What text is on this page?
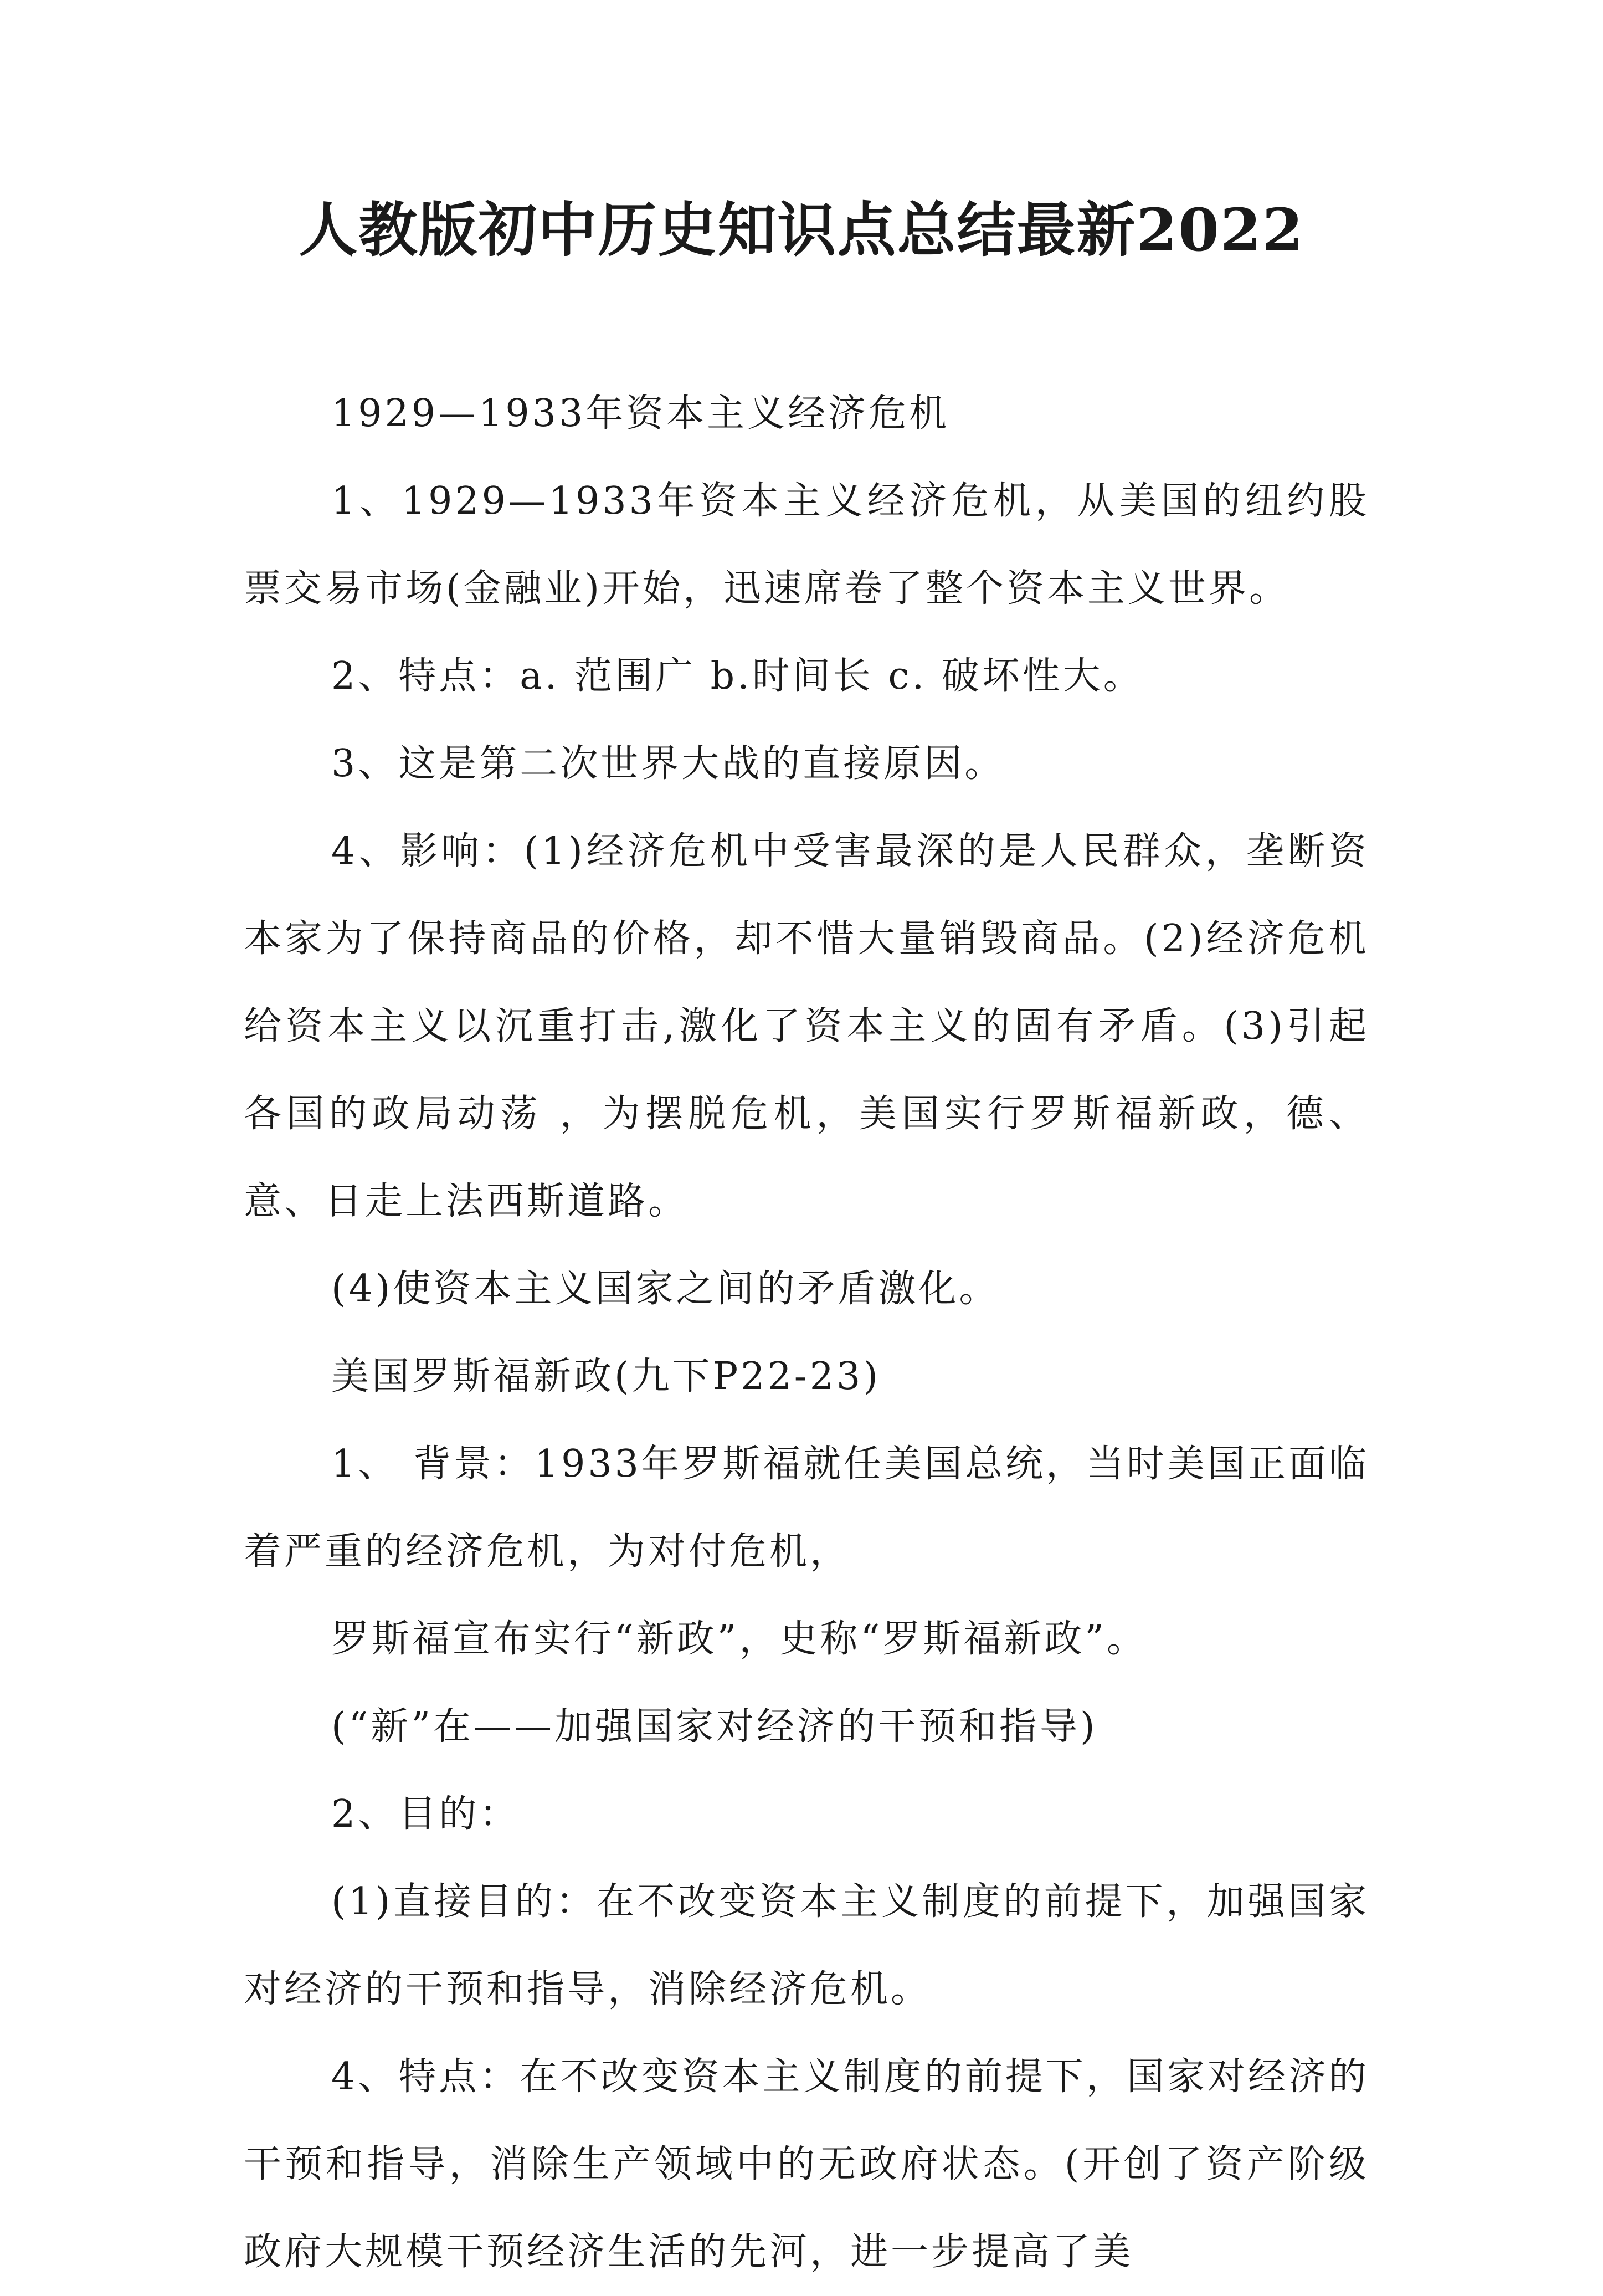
人教版初中历史知识点总结最新2022

1929—1933年资本主义经济危机

1、1929—1933年资本主义经济危机，从美国的纽约股票交易市场(金融业)开始，迅速席卷了整个资本主义世界。

2、特点：a. 范围广 b.时间长 c. 破坏性大。

3、这是第二次世界大战的直接原因。

4、影响：(1)经济危机中受害最深的是人民群众，垄断资本家为了保持商品的价格，却不惜大量销毁商品。(2)经济危机给资本主义以沉重打击,激化了资本主义的固有矛盾。(3)引起各国的政局动荡 ，为摆脱危机，美国实行罗斯福新政，德、意、日走上法西斯道路。

(4)使资本主义国家之间的矛盾激化。

美国罗斯福新政(九下P22-23)

1、 背景：1933年罗斯福就任美国总统，当时美国正面临着严重的经济危机，为对付危机，

罗斯福宣布实行“新政”，史称“罗斯福新政”。

(“新”在——加强国家对经济的干预和指导)

2、目的：

(1)直接目的：在不改变资本主义制度的前提下，加强国家对经济的干预和指导，消除经济危机。

4、特点：在不改变资本主义制度的前提下，国家对经济的干预和指导，消除生产领域中的无政府状态。(开创了资产阶级政府大规模干预经济生活的先河，进一步提高了美
